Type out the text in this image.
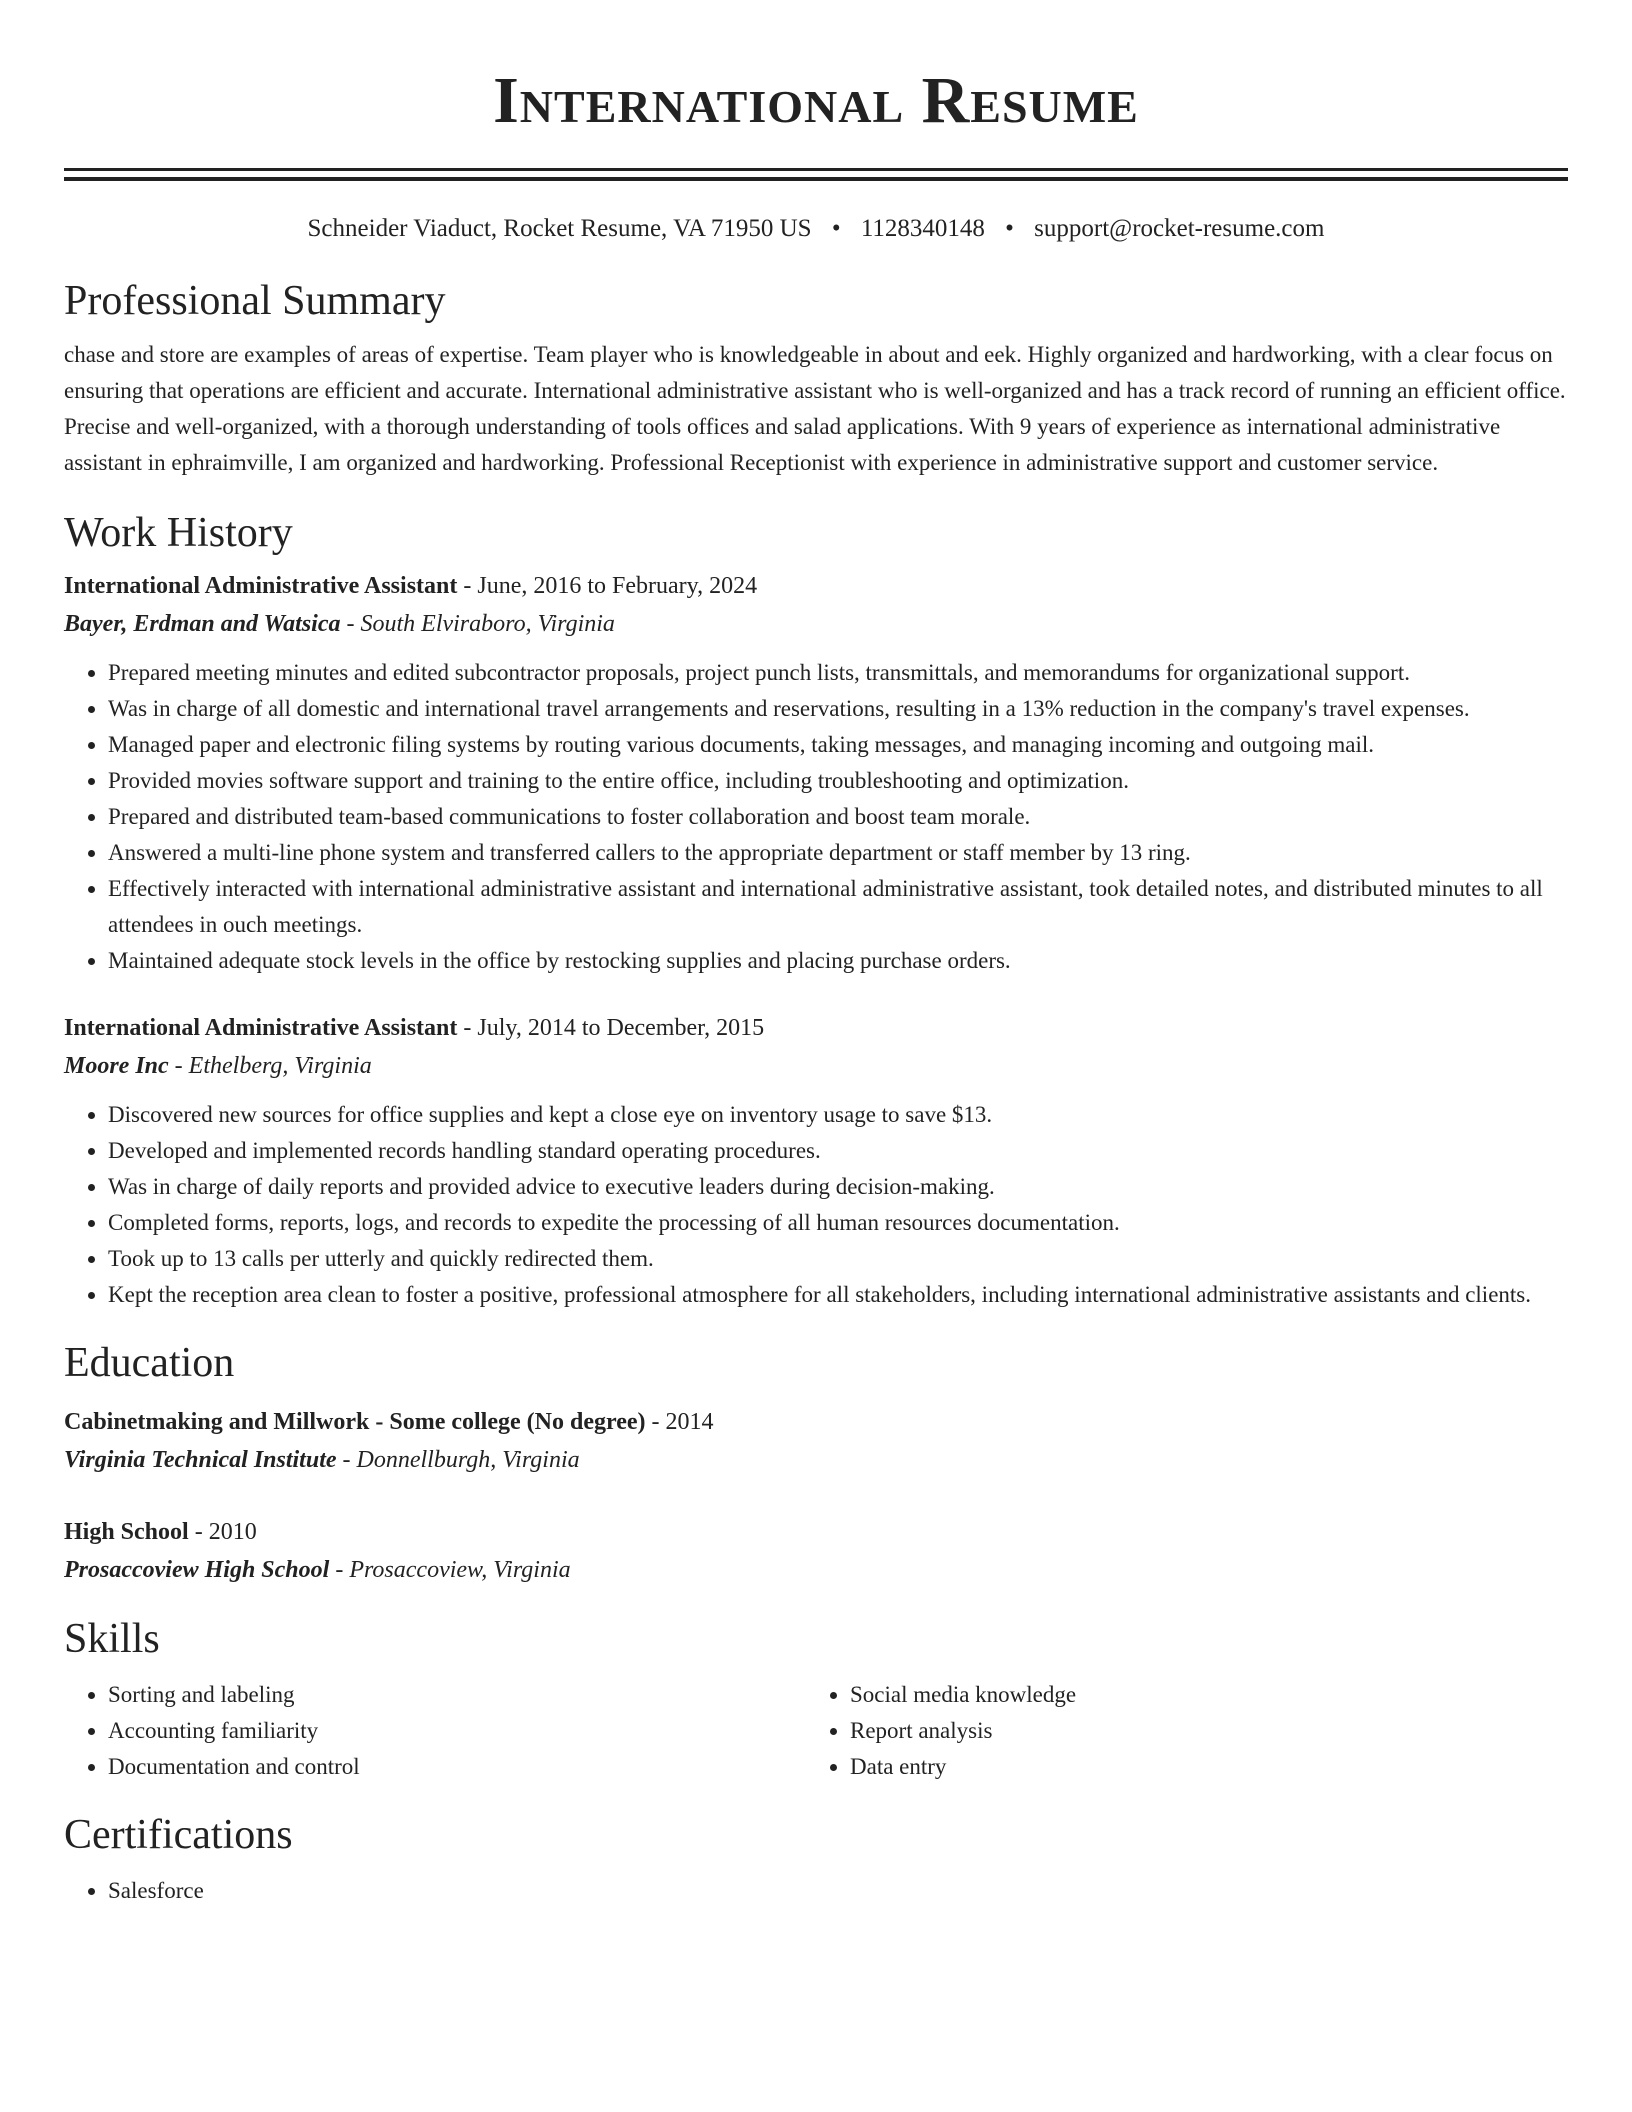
International Resume
Schneider Viaduct, Rocket Resume, VA 71950 US • 1128340148 • support@rocket-resume.com
Professional Summary
chase and store are examples of areas of expertise. Team player who is knowledgeable in about and eek. Highly organized and hardworking, with a clear focus on ensuring that operations are efficient and accurate. International administrative assistant who is well-organized and has a track record of running an efficient office. Precise and well-organized, with a thorough understanding of tools offices and salad applications. With 9 years of experience as international administrative assistant in ephraimville, I am organized and hardworking. Professional Receptionist with experience in administrative support and customer service.
Work History
International Administrative Assistant - June, 2016 to February, 2024
Bayer, Erdman and Watsica - South Elviraboro, Virginia
• Prepared meeting minutes and edited subcontractor proposals, project punch lists, transmittals, and memorandums for organizational support.
• Was in charge of all domestic and international travel arrangements and reservations, resulting in a 13% reduction in the company's travel expenses.
• Managed paper and electronic filing systems by routing various documents, taking messages, and managing incoming and outgoing mail.
• Provided movies software support and training to the entire office, including troubleshooting and optimization.
• Prepared and distributed team-based communications to foster collaboration and boost team morale.
• Answered a multi-line phone system and transferred callers to the appropriate department or staff member by 13 ring.
• Effectively interacted with international administrative assistant and international administrative assistant, took detailed notes, and distributed minutes to all attendees in ouch meetings.
• Maintained adequate stock levels in the office by restocking supplies and placing purchase orders.
International Administrative Assistant - July, 2014 to December, 2015
Moore Inc - Ethelberg, Virginia
• Discovered new sources for office supplies and kept a close eye on inventory usage to save $13.
• Developed and implemented records handling standard operating procedures.
• Was in charge of daily reports and provided advice to executive leaders during decision-making.
• Completed forms, reports, logs, and records to expedite the processing of all human resources documentation.
• Took up to 13 calls per utterly and quickly redirected them.
• Kept the reception area clean to foster a positive, professional atmosphere for all stakeholders, including international administrative assistants and clients.
Education
Cabinetmaking and Millwork - Some college (No degree) - 2014
Virginia Technical Institute - Donnellburgh, Virginia
High School - 2010
Prosaccoview High School - Prosaccoview, Virginia
Skills
• Sorting and labeling
• Accounting familiarity
• Documentation and control
• Social media knowledge
• Report analysis
• Data entry
Certifications
• Salesforce
